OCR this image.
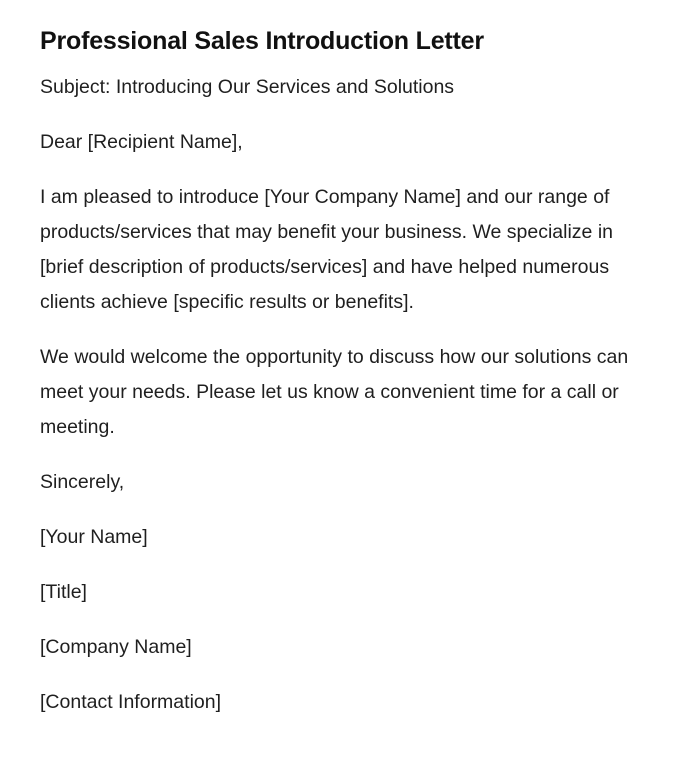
Professional Sales Introduction Letter

Subject: Introducing Our Services and Solutions

Dear [Recipient Name],

I am pleased to introduce [Your Company Name] and our range of products/services that may benefit your business. We specialize in [brief description of products/services] and have helped numerous clients achieve [specific results or benefits].

We would welcome the opportunity to discuss how our solutions can meet your needs. Please let us know a convenient time for a call or meeting.

Sincerely,

[Your Name]

[Title]

[Company Name]

[Contact Information]
